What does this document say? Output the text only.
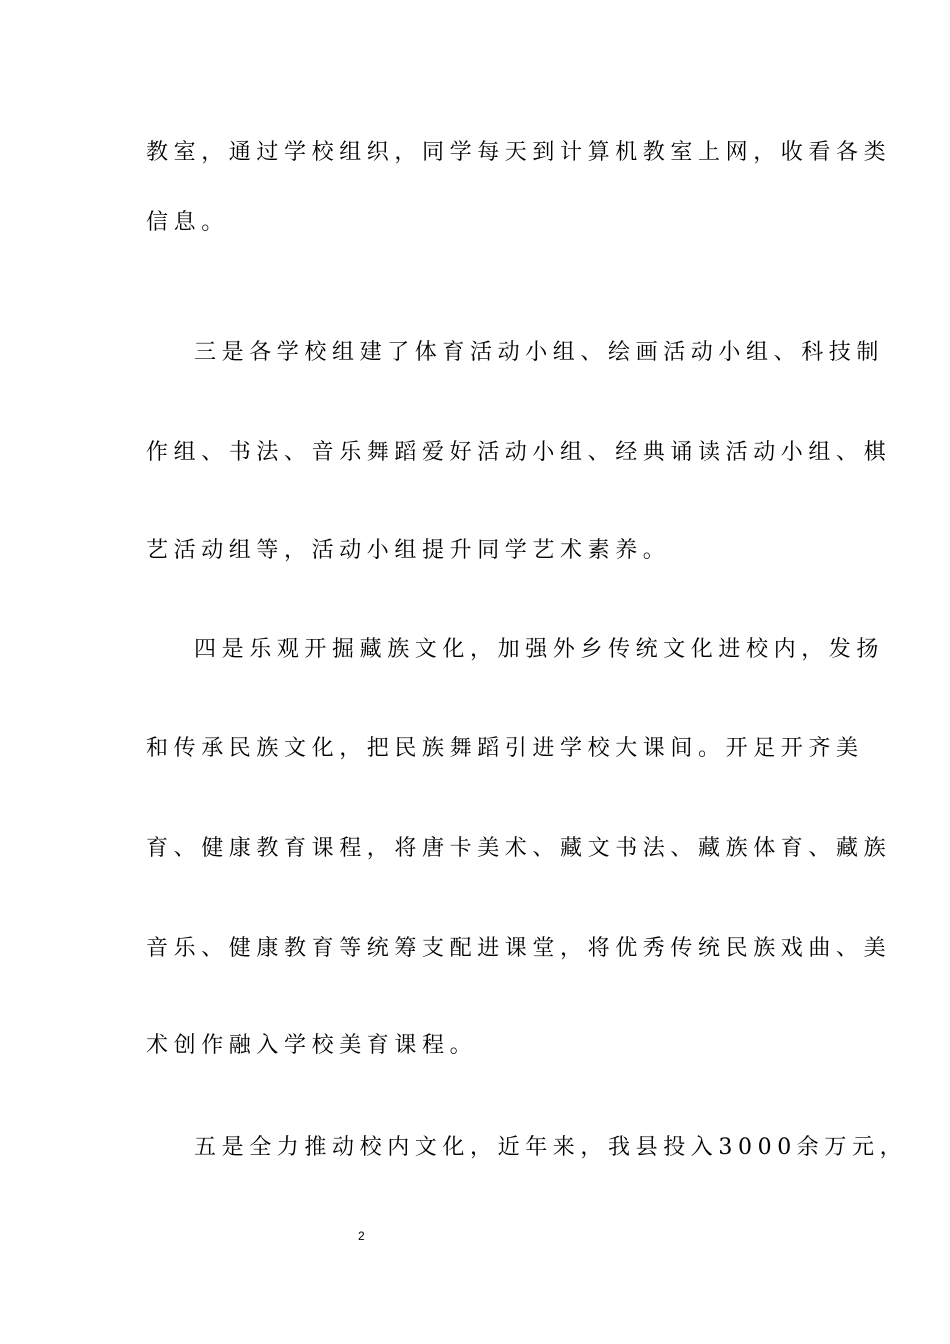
教室，通过学校组织，同学每天到计算机教室上网，收看各类
信息。
三是各学校组建了体育活动小组、绘画活动小组、科技制
作组、书法、音乐舞蹈爱好活动小组、经典诵读活动小组、棋
艺活动组等，活动小组提升同学艺术素养。
四是乐观开掘藏族文化，加强外乡传统文化进校内，发扬
和传承民族文化，把民族舞蹈引进学校大课间。开足开齐美
育、健康教育课程，将唐卡美术、藏文书法、藏族体育、藏族
音乐、健康教育等统筹支配进课堂，将优秀传统民族戏曲、美
术创作融入学校美育课程。
五是全力推动校内文化，近年来，我县投入3000余万元，
2
